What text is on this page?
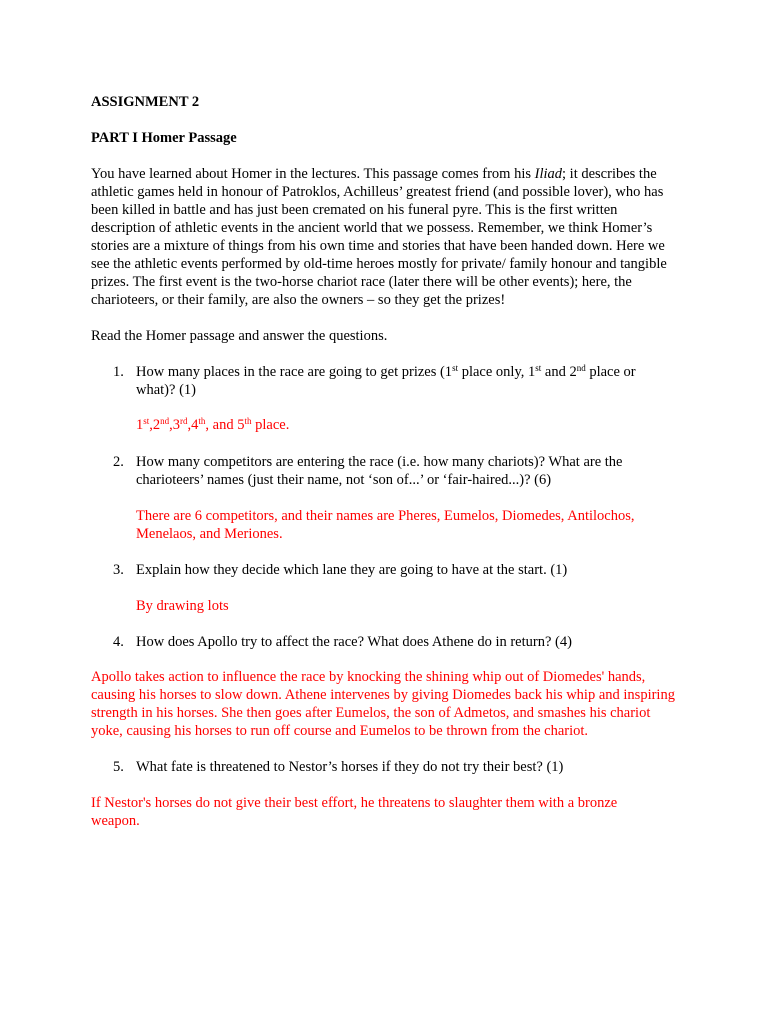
ASSIGNMENT 2
PART I Homer Passage
You have learned about Homer in the lectures. This passage comes from his Iliad; it describes the athletic games held in honour of Patroklos, Achilleus’ greatest friend (and possible lover), who has been killed in battle and has just been cremated on his funeral pyre. This is the first written description of athletic events in the ancient world that we possess. Remember, we think Homer’s stories are a mixture of things from his own time and stories that have been handed down. Here we see the athletic events performed by old-time heroes mostly for private/ family honour and tangible prizes. The first event is the two-horse chariot race (later there will be other events); here, the charioteers, or their family, are also the owners – so they get the prizes!
Read the Homer passage and answer the questions.
1. How many places in the race are going to get prizes (1st place only, 1st and 2nd place or what)? (1)
1st,2nd,3rd,4th, and 5th place.
2. How many competitors are entering the race (i.e. how many chariots)? What are the charioteers’ names (just their name, not ‘son of...’ or ‘fair-haired...)? (6)
There are 6 competitors, and their names are Pheres, Eumelos, Diomedes, Antilochos, Menelaos, and Meriones.
3. Explain how they decide which lane they are going to have at the start. (1)
By drawing lots
4. How does Apollo try to affect the race? What does Athene do in return? (4)
Apollo takes action to influence the race by knocking the shining whip out of Diomedes' hands, causing his horses to slow down. Athene intervenes by giving Diomedes back his whip and inspiring strength in his horses. She then goes after Eumelos, the son of Admetos, and smashes his chariot yoke, causing his horses to run off course and Eumelos to be thrown from the chariot.
5. What fate is threatened to Nestor’s horses if they do not try their best? (1)
If Nestor's horses do not give their best effort, he threatens to slaughter them with a bronze weapon.
